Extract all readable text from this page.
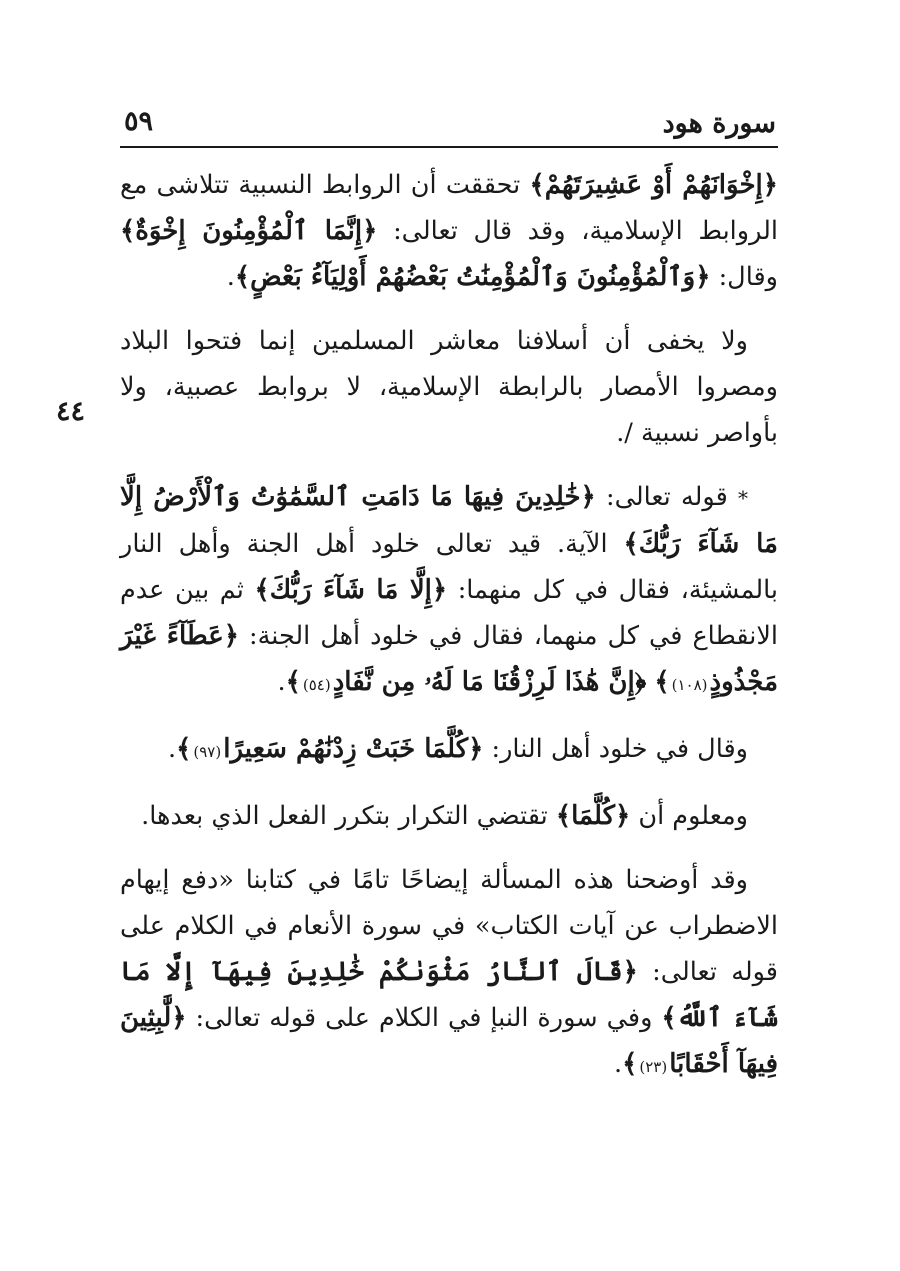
سورة هود
٥٩

﴿إِخْوَانَهُمْ أَوْ عَشِيرَتَهُمْ﴾ تحققت أن الروابط النسبية تتلاشى مع الروابط الإسلامية، وقد قال تعالى: ﴿إِنَّمَا ٱلْمُؤْمِنُونَ إِخْوَةٌ﴾ وقال: ﴿وَٱلْمُؤْمِنُونَ وَٱلْمُؤْمِنَٰتُ بَعْضُهُمْ أَوْلِيَآءُ بَعْضٍ﴾.

ولا يخفى أن أسلافنا معاشر المسلمين إنما فتحوا البلاد ومصروا الأمصار بالرابطة الإسلامية، لا بروابط عصبية، ولا بأواصر نسبية /.

* قوله تعالى: ﴿خَٰلِدِينَ فِيهَا مَا دَامَتِ ٱلسَّمَٰوَٰتُ وَٱلْأَرْضُ إِلَّا مَا شَآءَ رَبُّكَ﴾ الآية. قيد تعالى خلود أهل الجنة وأهل النار بالمشيئة، فقال في كل منهما: ﴿إِلَّا مَا شَآءَ رَبُّكَ﴾ ثم بين عدم الانقطاع في كل منهما، فقال في خلود أهل الجنة: ﴿عَطَآءً غَيْرَ مَجْذُوذٍ(١٠٨)﴾ ﴿إِنَّ هَٰذَا لَرِزْقُنَا مَا لَهُۥ مِن نَّفَادٍ(٥٤)﴾.

وقال في خلود أهل النار: ﴿كُلَّمَا خَبَتْ زِدْنَٰهُمْ سَعِيرًا(٩٧)﴾.

ومعلوم أن ﴿كُلَّمَا﴾ تقتضي التكرار بتكرر الفعل الذي بعدها.

وقد أوضحنا هذه المسألة إيضاحًا تامًا في كتابنا «دفع إيهام الاضطراب عن آيات الكتاب» في سورة الأنعام في الكلام على قوله تعالى: ﴿قَالَ ٱلنَّارُ مَثْوَىٰكُمْ خَٰلِدِينَ فِيهَآ إِلَّا مَا شَآءَ ٱللَّهُ﴾ وفي سورة النبإ في الكلام على قوله تعالى: ﴿لَّٰبِثِينَ فِيهَآ أَحْقَابًا(٢٣)﴾.

٤٤
